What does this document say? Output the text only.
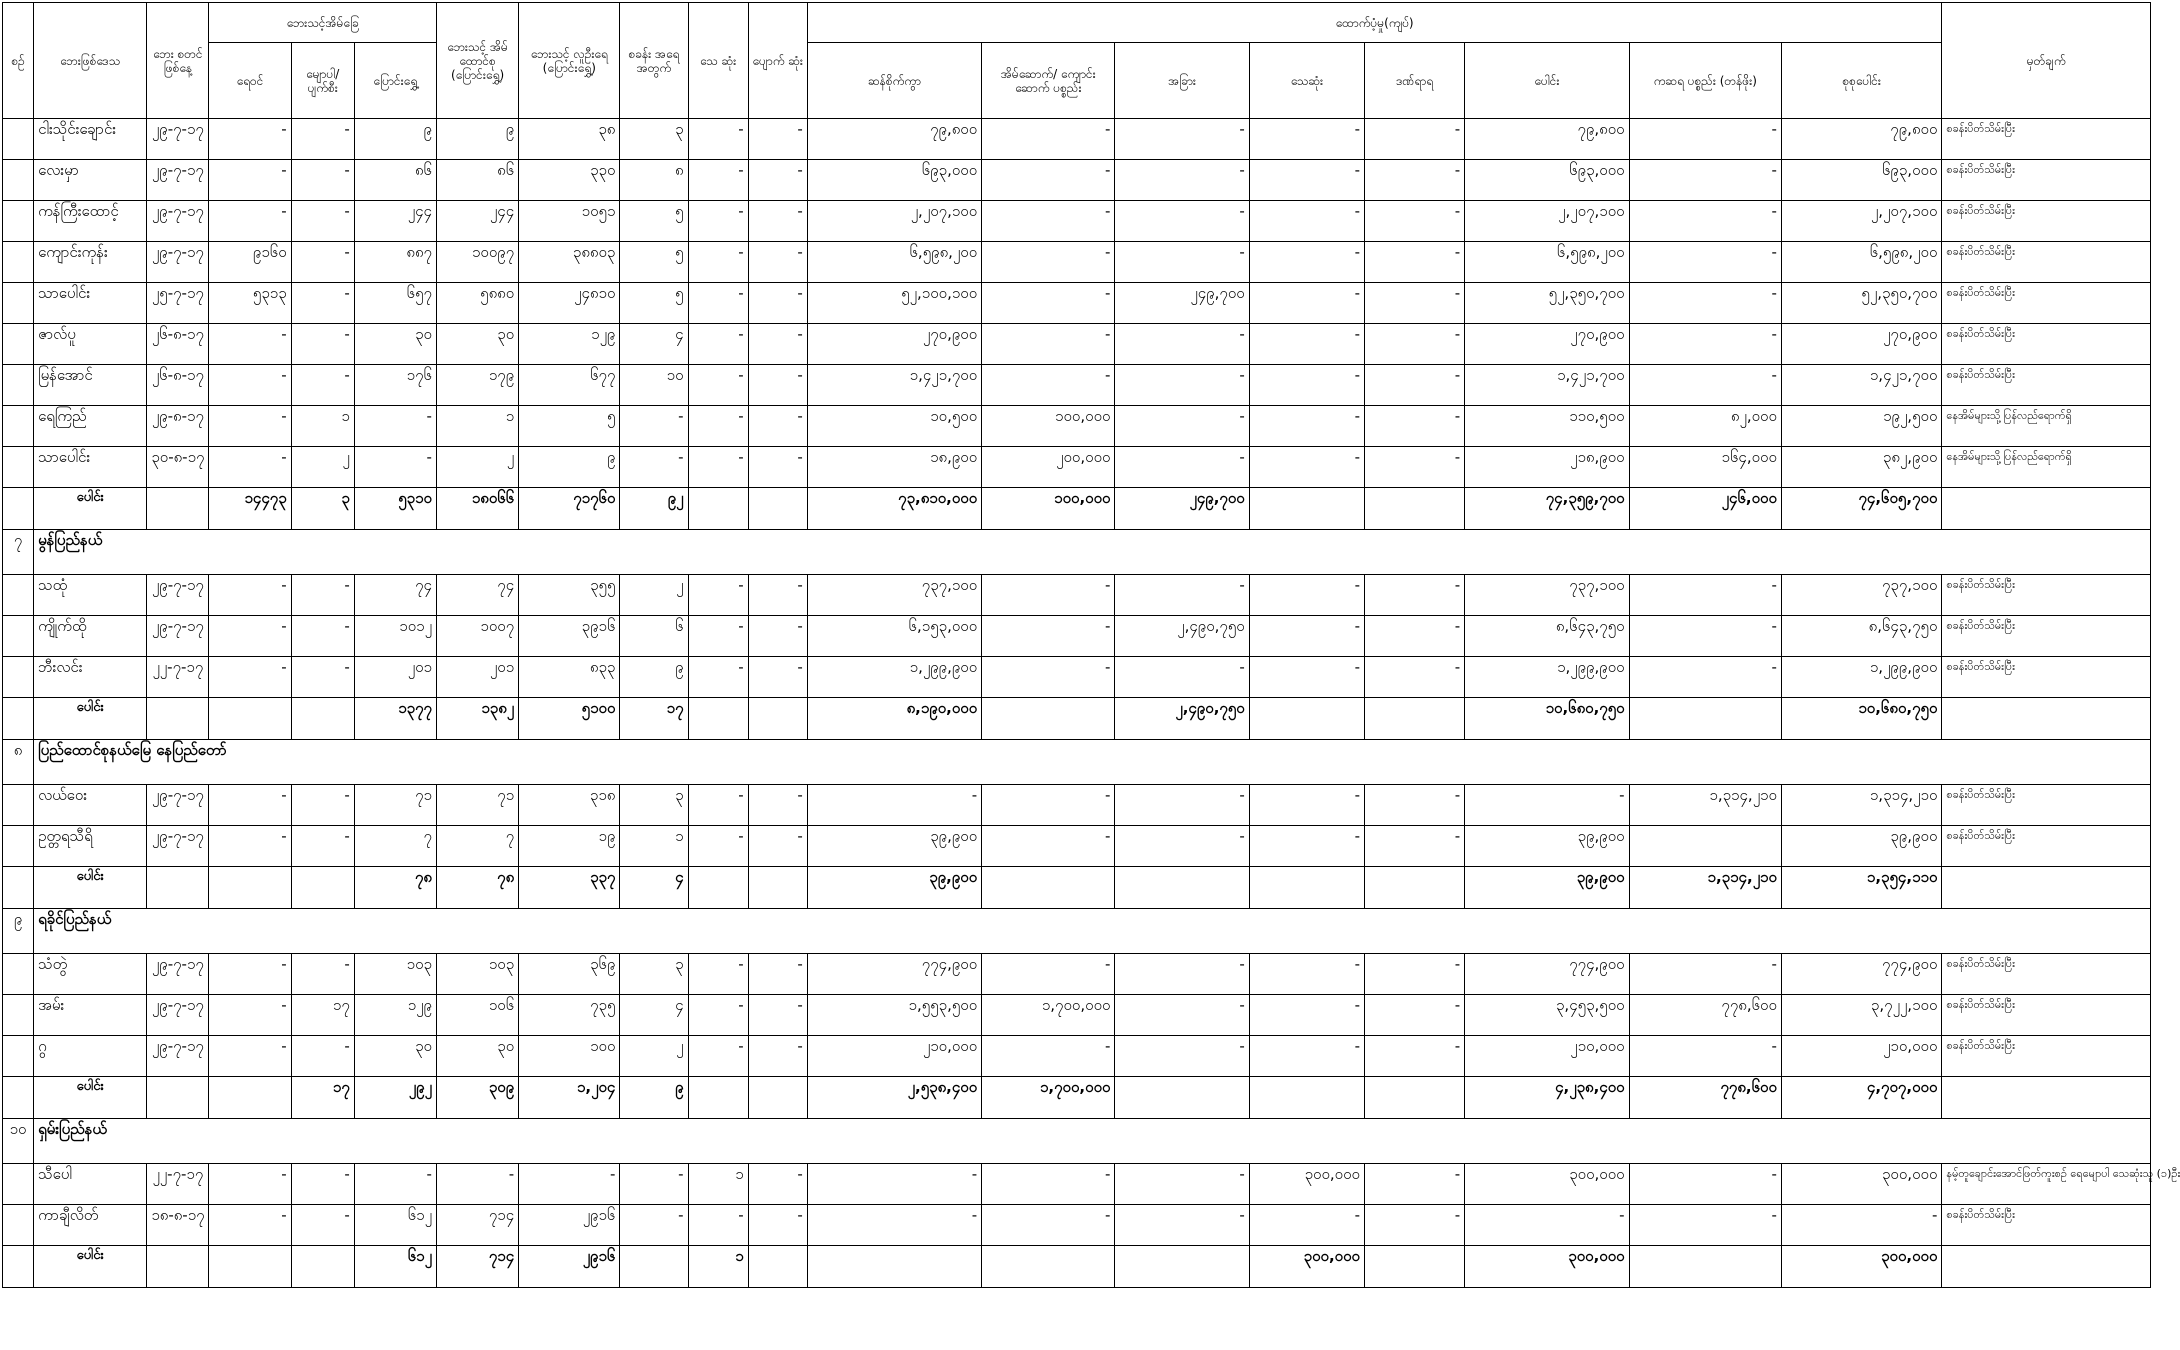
စဥ်	ဘေးဖြစ်ဒေသ	ဘေး စတင် ဖြစ်နေ့	ဘေးသင့်အိမ်ခြေ			ဘေးသင့် အိမ် ထောင်စု (ပြောင်းရွှေ့)	ဘေးသင့် လူဦးရေ (ပြောင်းရွှေ့)	စခန်း အရေ အတွက်	သေ ဆုံး	ပျောက် ဆုံး	ထောက်ပံ့မှု(ကျပ်)								မှတ်ချက်
			ရေဝင်	မျောပါ/ ပျက်စီး	ပြောင်းရွှေ့						ဆန်စိုက်ကွာ	အိမ်ဆောက်/ ကျောင်းဆောက် ပစ္စည်း	အခြား	သေဆုံး	ဒဏ်ရာရ	ပေါင်း	ကဆရ ပစ္စည်း (တန်ဖိုး)	စုစုပေါင်း	
	ငါးသိုင်းချောင်း	၂၉-၇-၁၇	-	-	၉	၉	၃၈	၃	-	-	၇၉,၈၀၀	-	-	-	-	၇၉,၈၀၀	-	၇၉,၈၀၀	စခန်းပိတ်သိမ်းပြီး
	လေးမှာ	၂၉-၇-၁၇	-	-	၈၆	၈၆	၃၃၀	၈	-	-	၆၉၃,၀၀၀	-	-	-	-	၆၉၃,၀၀၀	-	၆၉၃,၀၀၀	စခန်းပိတ်သိမ်းပြီး
	ကန်ကြီးထောင့်	၂၉-၇-၁၇	-	-	၂၄၄	၂၄၄	၁၀၅၁	၅	-	-	၂,၂၀၇,၁၀၀	-	-	-	-	၂,၂၀၇,၁၀၀	-	၂,၂၀၇,၁၀၀	စခန်းပိတ်သိမ်းပြီး
	ကျောင်းကုန်း	၂၉-၇-၁၇	၉၁၆၀	-	၈၈၇	၁၀၀၉၇	၃၈၈၀၃	၅	-	-	၆,၅၉၈,၂၀၀	-	-	-	-	၆,၅၉၈,၂၀၀	-	၆,၅၉၈,၂၀၀	စခန်းပိတ်သိမ်းပြီး
	သာပေါင်း	၂၅-၇-၁၇	၅၃၁၃	-	၆၅၇	၅၈၈၀	၂၄၈၁၀	၅	-	-	၅၂,၁၀၀,၁၀၀	-	၂၄၉,၇၀၀	-	-	၅၂,၃၅၀,၇၀၀	-	၅၂,၃၅၀,၇၀၀	စခန်းပိတ်သိမ်းပြီး
	ဇာလ်ပူ	၂၆-၈-၁၇	-	-	၃၀	၃၀	၁၂၉	၄	-	-	၂၇၀,၉၀၀	-	-	-	-	၂၇၀,၉၀၀	-	၂၇၀,၉၀၀	စခန်းပိတ်သိမ်းပြီး
	မြန်အောင်	၂၆-၈-၁၇	-	-	၁၇၆	၁၇၉	၆၇၇	၁၀	-	-	၁,၄၂၁,၇၀၀	-	-	-	-	၁,၄၂၁,၇၀၀	-	၁,၄၂၁,၇၀၀	စခန်းပိတ်သိမ်းပြီး
	ရေကြည်	၂၉-၈-၁၇	-	၁	-	၁	၅	-	-	-	၁၀,၅၀၀	၁၀၀,၀၀၀	-	-	-	၁၁၀,၅၀၀	၈၂,၀၀၀	၁၉၂,၅၀၀	နေအိမ်များသို့ပြန်လည်ရောက်ရှိ
	သာပေါင်း	၃၀-၈-၁၇	-	၂	-	၂	၉	-	-	-	၁၈,၉၀၀	၂၀၀,၀၀၀	-	-	-	၂၁၈,၉၀၀	၁၆၄,၀၀၀	၃၈၂,၉၀၀	နေအိမ်များသို့ပြန်လည်ရောက်ရှိ
	ပေါင်း		၁၄၄၇၃	၃	၅၃၁၀	၁၈၀၆၆	၇၁၇၆၀	၉၂			၇၃,၈၁၀,၀၀၀	၁၀၀,၀၀၀	၂၄၉,၇၀၀			၇၄,၃၅၉,၇၀၀	၂၄၆,၀၀၀	၇၄,၆၀၅,၇၀၀	
၇	မွန်ပြည်နယ်																		
	သထုံ	၂၉-၇-၁၇	-	-	၇၄	၇၄	၃၅၅	၂	-	-	၇၃၇,၁၀၀	-	-	-	-	၇၃၇,၁၀၀	-	၇၃၇,၁၀၀	စခန်းပိတ်သိမ်းပြီး
	ကျိုက်ထို	၂၉-၇-၁၇	-	-	၁၀၁၂	၁၀၀၇	၃၉၁၆	၆	-	-	၆,၁၅၃,၀၀၀	-	၂,၄၉၀,၇၅၀	-	-	၈,၆၄၃,၇၅၀	-	၈,၆၄၃,၇၅၀	စခန်းပိတ်သိမ်းပြီး
	ဘီးလင်း	၂၂-၇-၁၇	-	-	၂၀၁	၂၀၁	၈၃၃	၉	-	-	၁,၂၉၉,၉၀၀	-	-	-	-	၁,၂၉၉,၉၀၀	-	၁,၂၉၉,၉၀၀	စခန်းပိတ်သိမ်းပြီး
	ပေါင်း				၁၃၇၇	၁၃၈၂	၅၁၀၀	၁၇			၈,၁၉၀,၀၀၀		၂,၄၉၀,၇၅၀			၁၀,၆၈၀,၇၅၀		၁၀,၆၈၀,၇၅၀	
၈	ပြည်ထောင်စုနယ်မြေ နေပြည်တော်																		
	လယ်ဝေး	၂၉-၇-၁၇	-	-	၇၁	၇၁	၃၁၈	၃	-	-	-	-	-	-	-	-	၁,၃၁၄,၂၁၀	၁,၃၁၄,၂၁၀	စခန်းပိတ်သိမ်းပြီး
	ဥတ္တရသီရိ	၂၉-၇-၁၇	-	-	၇	၇	၁၉	၁	-	-	၃၉,၉၀၀	-	-	-	-	၃၉,၉၀၀		၃၉,၉၀၀	စခန်းပိတ်သိမ်းပြီး
	ပေါင်း				၇၈	၇၈	၃၃၇	၄			၃၉,၉၀၀					၃၉,၉၀၀	၁,၃၁၄,၂၁၀	၁,၃၅၄,၁၁၀	
၉	ရခိုင်ပြည်နယ်																		
	သံတွဲ	၂၉-၇-၁၇	-	-	၁၀၃	၁၀၃	၃၆၉	၃	-	-	၇၇၄,၉၀၀	-	-	-	-	၇၇၄,၉၀၀	-	၇၇၄,၉၀၀	စခန်းပိတ်သိမ်းပြီး
	အမ်း	၂၉-၇-၁၇	-	၁၇	၁၂၉	၁၀၆	၇၃၅	၄	-	-	၁,၅၅၃,၅၀၀	၁,၇၀၀,၀၀၀	-	-	-	၃,၄၅၃,၅၀၀	၇၇၈,၆၀၀	၃,၇၂၂,၁၀၀	စခန်းပိတ်သိမ်းပြီး
	ဂွ	၂၉-၇-၁၇	-	-	၃၀	၃၀	၁၀၀	၂	-	-	၂၁၀,၀၀၀	-	-	-	-	၂၁၀,၀၀၀	-	၂၁၀,၀၀၀	စခန်းပိတ်သိမ်းပြီး
	ပေါင်း			၁၇	၂၉၂	၃၀၉	၁,၂၀၄	၉			၂,၅၃၈,၄၀၀	၁,၇၀၀,၀၀၀				၄,၂၃၈,၄၀၀	၇၇၈,၆၀၀	၄,၇၀၇,၀၀၀	
၁၀	ရှမ်းပြည်နယ်																		
	သီပေါ	၂၂-၇-၁၇	-	-	-	-	-	-	၁	-	-	-	-	၃၀၀,၀၀၀	-	၃၀၀,၀၀၀	-	၃၀၀,၀၀၀	နမ့်တူချောင်းအောင်ဖြတ်ကူးစဉ် ရေမျောပါ သေဆုံးသူ (၁)ဦး
	ကာချီလိတ်	၁၈-၈-၁၇	-	-	၆၁၂	၇၁၄	၂၉၁၆	-	-	-	-	-	-	-	-	-	-	-	စခန်းပိတ်သိမ်းပြီး
	ပေါင်း				၆၁၂	၇၁၄	၂၉၁၆		၁					၃၀၀,၀၀၀		၃၀၀,၀၀၀		၃၀၀,၀၀၀	
